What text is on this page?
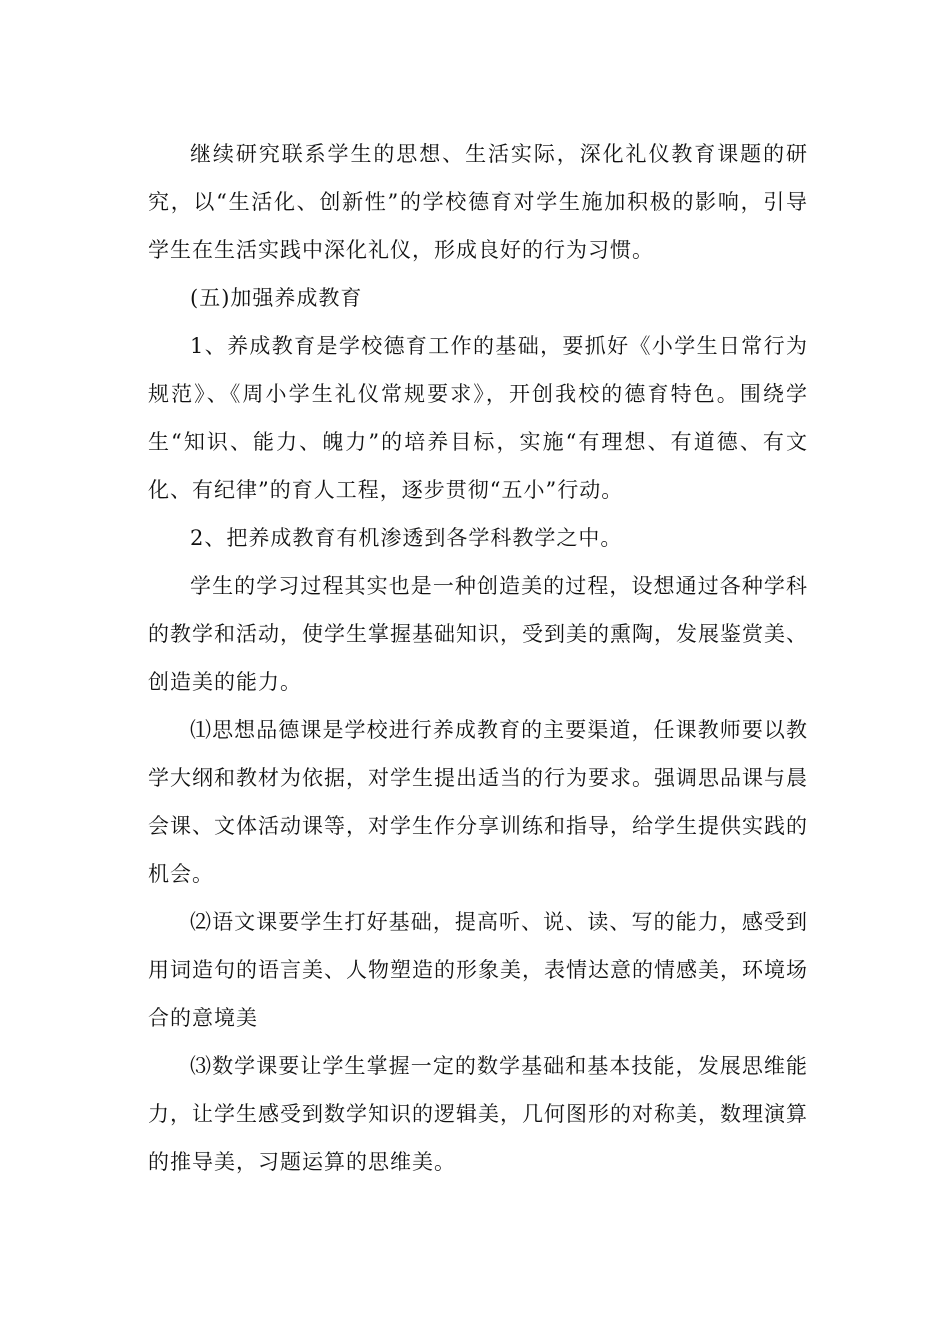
继续研究联系学生的思想、生活实际，深化礼仪教育课题的研究，以“生活化、创新性”的学校德育对学生施加积极的影响，引导学生在生活实践中深化礼仪，形成良好的行为习惯。

(五)加强养成教育

1、养成教育是学校德育工作的基础，要抓好《小学生日常行为规范》、《周小学生礼仪常规要求》，开创我校的德育特色。围绕学生“知识、能力、魄力”的培养目标，实施“有理想、有道德、有文化、有纪律”的育人工程，逐步贯彻“五小”行动。

2、把养成教育有机渗透到各学科教学之中。

学生的学习过程其实也是一种创造美的过程，设想通过各种学科的教学和活动，使学生掌握基础知识，受到美的熏陶，发展鉴赏美、创造美的能力。

⑴思想品德课是学校进行养成教育的主要渠道，任课教师要以教学大纲和教材为依据，对学生提出适当的行为要求。强调思品课与晨会课、文体活动课等，对学生作分享训练和指导，给学生提供实践的机会。

⑵语文课要学生打好基础，提高听、说、读、写的能力，感受到用词造句的语言美、人物塑造的形象美，表情达意的情感美，环境场合的意境美

⑶数学课要让学生掌握一定的数学基础和基本技能，发展思维能力，让学生感受到数学知识的逻辑美，几何图形的对称美，数理演算的推导美，习题运算的思维美。
